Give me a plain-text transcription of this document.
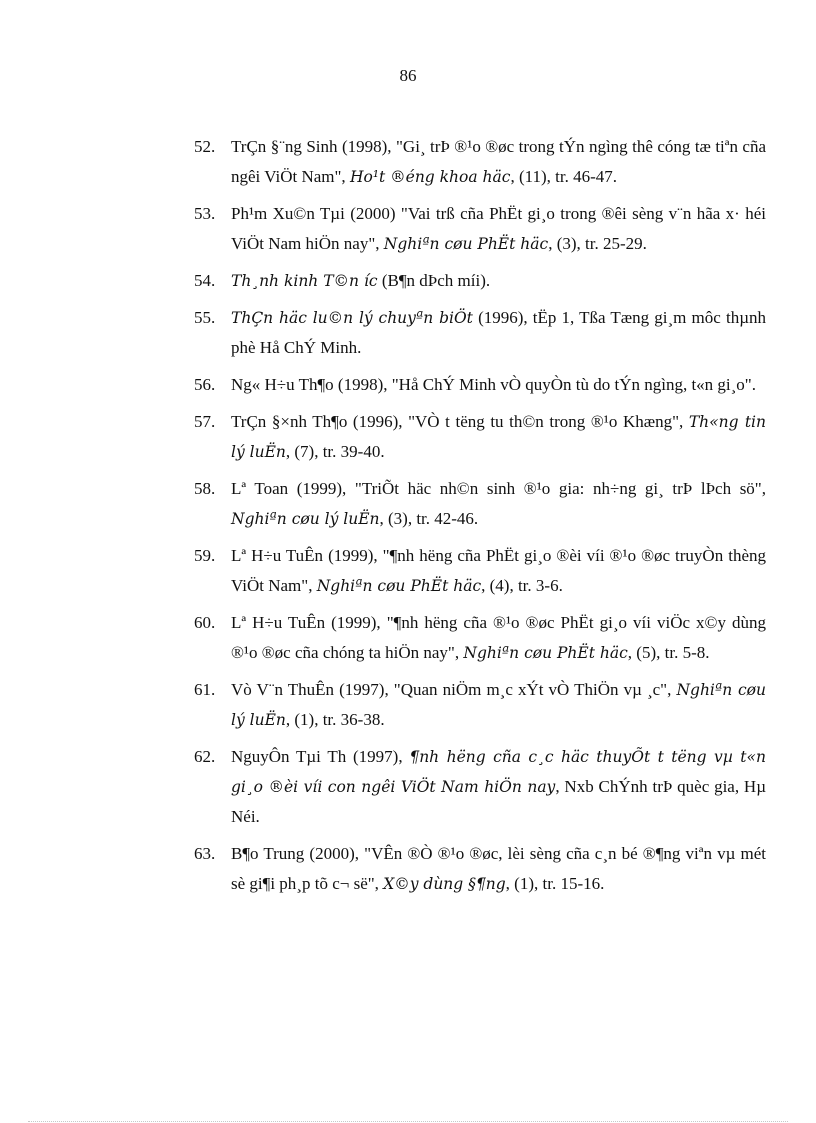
86
52. TrÇn §¨ng Sinh (1998), "Gi¸ trÞ ®¹o ®øc trong tÝn ngìng thê cóng tæ tiªn cña ngêi ViÖt Nam", Ho¹t ®éng khoa häc, (11), tr. 46-47.
53. Ph¹m Xu©n Tµi (2000) "Vai trß cña PhËt gi¸o trong ®êi sèng v¨n hãa x· héi ViÖt Nam hiÖn nay", Nghiªn cøu PhËt häc, (3), tr. 25-29.
54. Th¸nh kinh T©n íc (B¶n dÞch míi).
55. ThÇn häc lu©n lý chuyªn biÖt (1996), tËp 1, Tßa Tæng gi¸m môc thµnh phè Hå ChÝ Minh.
56. Ng« H÷u Th¶o (1998), "Hå ChÝ Minh vÒ quyÒn tù do tÝn ngìng, t«n gi¸o".
57. TrÇn §×nh Th¶o (1996), "VÒ t tëng tu th©n trong ®¹o Khæng", Th«ng tin lý luËn, (7), tr. 39-40.
58. Lª Toan (1999), "TriÕt häc nh©n sinh ®¹o gia: nh÷ng gi¸ trÞ lÞch sö", Nghiªn cøu lý luËn, (3), tr. 42-46.
59. Lª H÷u TuÊn (1999), "¶nh hëng cña PhËt gi¸o ®èi víi ®¹o ®øc truyÒn thèng ViÖt Nam", Nghiªn cøu PhËt häc, (4), tr. 3-6.
60. Lª H÷u TuÊn (1999), "¶nh hëng cña ®¹o ®øc PhËt gi¸o víi viÖc x©y dùng ®¹o ®øc cña chóng ta hiÖn nay", Nghiªn cøu PhËt häc, (5), tr. 5-8.
61. Vò V¨n ThuÊn (1997), "Quan niÖm m¸c xÝt vÒ ThiÖn vµ ¸c", Nghiªn cøu lý luËn, (1), tr. 36-38.
62. NguyÔn Tµi Th (1997), ¶nh hëng cña c¸c häc thuyÕt t tëng vµ t«n gi¸o ®èi víi con ngêi ViÖt Nam hiÖn nay, Nxb ChÝnh trÞ quèc gia, Hµ Néi.
63. B¶o Trung (2000), "VÊn ®Ò ®¹o ®øc, lèi sèng cña c¸n bé ®¶ng viªn vµ mét sè gi¶i ph¸p tõ c¬ së", X©y dùng §¶ng, (1), tr. 15-16.
